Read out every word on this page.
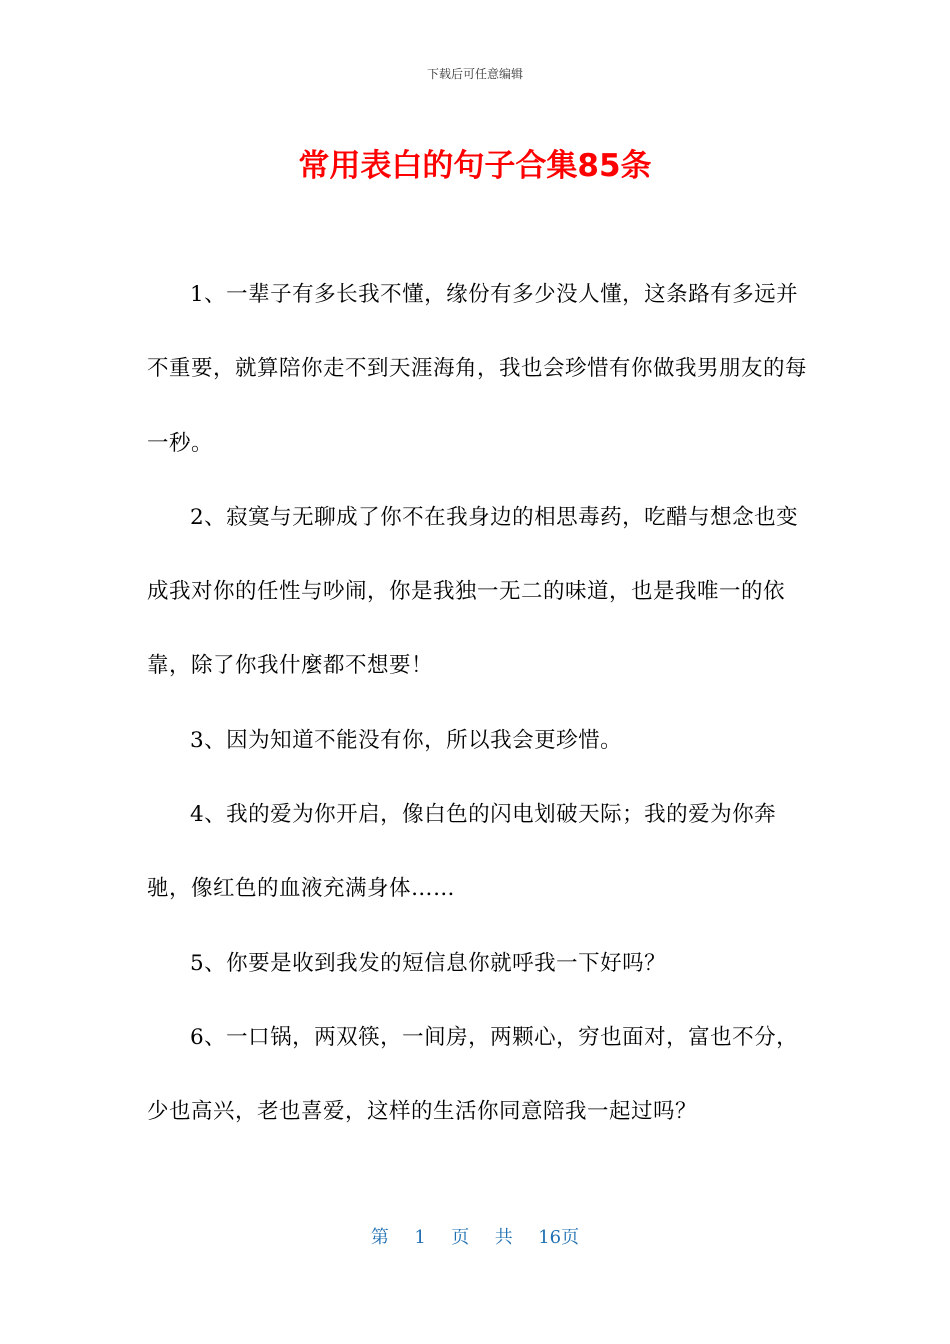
下载后可任意编辑
常用表白的句子合集85条

1、一辈子有多长我不懂，缘份有多少没人懂，这条路有多远并不重要，就算陪你走不到天涯海角，我也会珍惜有你做我男朋友的每一秒。

2、寂寞与无聊成了你不在我身边的相思毒药，吃醋与想念也变成我对你的任性与吵闹，你是我独一无二的味道，也是我唯一的依靠，除了你我什麼都不想要！

3、因为知道不能没有你，所以我会更珍惜。

4、我的爱为你开启，像白色的闪电划破天际；我的爱为你奔驰，像红色的血液充满身体……

5、你要是收到我发的短信息你就呼我一下好吗？

6、一口锅，两双筷，一间房，两颗心，穷也面对，富也不分，少也高兴，老也喜爱，这样的生活你同意陪我一起过吗？

第 1 页 共 16页
